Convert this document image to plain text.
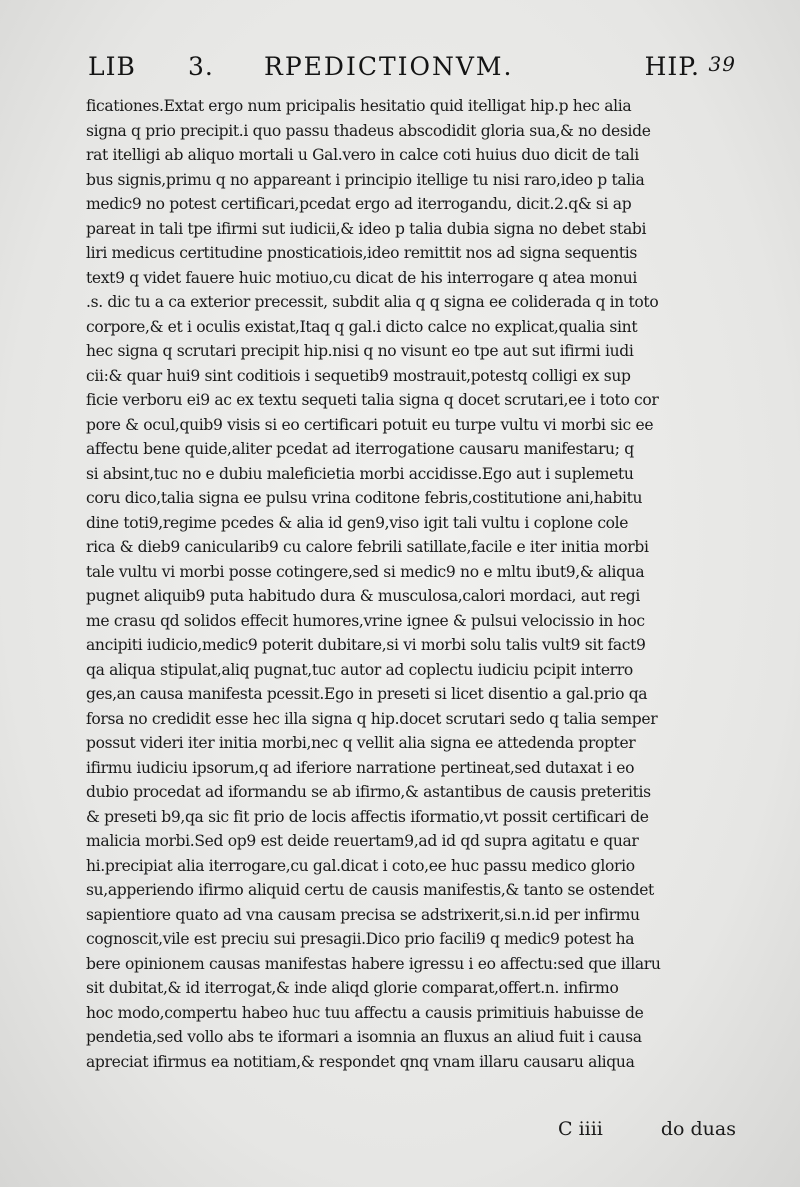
LIB 3. RPEDICTIONVM.	HIP. 39
ficationes.Extat ergo num pricipalis hesitatio quid itelligat hip.p hec alia
signa q prio precipit.i quo passu thadeus abscodidit gloria sua,& no deside
rat itelligi ab aliquo mortali u Gal.vero in calce coti huius duo dicit de tali
bus signis,primu q no appareant i principio itellige tu nisi raro,ideo p talia
medic9 no potest certificari,pcedat ergo ad iterrogandu, dicit.2.q& si ap
pareat in tali tpe ifirmi sut iudicii,& ideo p talia dubia signa no debet stabi
liri medicus certitudine pnosticatiois,ideo remittit nos ad signa sequentis
text9 q videt fauere huic motiuo,cu dicat de his interrogare q atea monui
.s. dic tu a ca exterior precessit, subdit alia q q signa ee coliderada q in toto
corpore,& et i oculis existat,Itaq q gal.i dicto calce no explicat,qualia sint
hec signa q scrutari precipit hip.nisi q no visunt eo tpe aut sut ifirmi iudi
cii:& quar hui9 sint coditiois i sequetib9 mostrauit,potestq colligi ex sup
ficie verboru ei9 ac ex textu sequeti talia signa q docet scrutari,ee i toto cor
pore & ocul,quib9 visis si eo certificari potuit eu turpe vultu vi morbi sic ee
affectu bene quide,aliter pcedat ad iterrogatione causaru manifestaru; q
si absint,tuc no e dubiu maleficietia morbi accidisse.Ego aut i suplemetu
coru dico,talia signa ee pulsu vrina coditone febris,costitutione ani,habitu
dine toti9,regime pcedes & alia id gen9,viso igit tali vultu i coplone cole
rica & dieb9 canicularib9 cu calore febrili satillate,facile e iter initia morbi
tale vultu vi morbi posse cotingere,sed si medic9 no e mltu ibut9,& aliqua
pugnet aliquib9 puta habitudo dura & musculosa,calori mordaci, aut regi
me crasu qd solidos effecit humores,vrine ignee & pulsui velocissio in hoc
ancipiti iudicio,medic9 poterit dubitare,si vi morbi solu talis vult9 sit fact9
qa aliqua stipulat,aliq pugnat,tuc autor ad coplectu iudiciu pcipit interro
ges,an causa manifesta pcessit.Ego in preseti si licet disentio a gal.prio qa
forsa no credidit esse hec illa signa q hip.docet scrutari sedo q talia semper
possut videri iter initia morbi,nec q vellit alia signa ee attedenda propter
ifirmu iudiciu ipsorum,q ad iferiore narratione pertineat,sed dutaxat i eo
dubio procedat ad iformandu se ab ifirmo,& astantibus de causis preteritis
& preseti b9,qa sic fit prio de locis affectis iformatio,vt possit certificari de
malicia morbi.Sed op9 est deide reuertam9,ad id qd supra agitatu e quar
hi.precipiat alia iterrogare,cu gal.dicat i coto,ee huc passu medico glorio
su,apperiendo ifirmo aliquid certu de causis manifestis,& tanto se ostendet
sapientiore quato ad vna causam precisa se adstrixerit,si.n.id per infirmu
cognoscit,vile est preciu sui presagii.Dico prio facili9 q medic9 potest ha
bere opinionem causas manifestas habere igressu i eo affectu:sed que illaru
sit dubitat,& id iterrogat,& inde aliqd glorie comparat,offert.n. infirmo
hoc modo,compertu habeo huc tuu affectu a causis primitiuis habuisse de
pendetia,sed vollo abs te iformari a isomnia an fluxus an aliud fuit i causa
apreciat ifirmus ea notitiam,& respondet qnq vnam illaru causaru aliqua
C iiii	do duas
